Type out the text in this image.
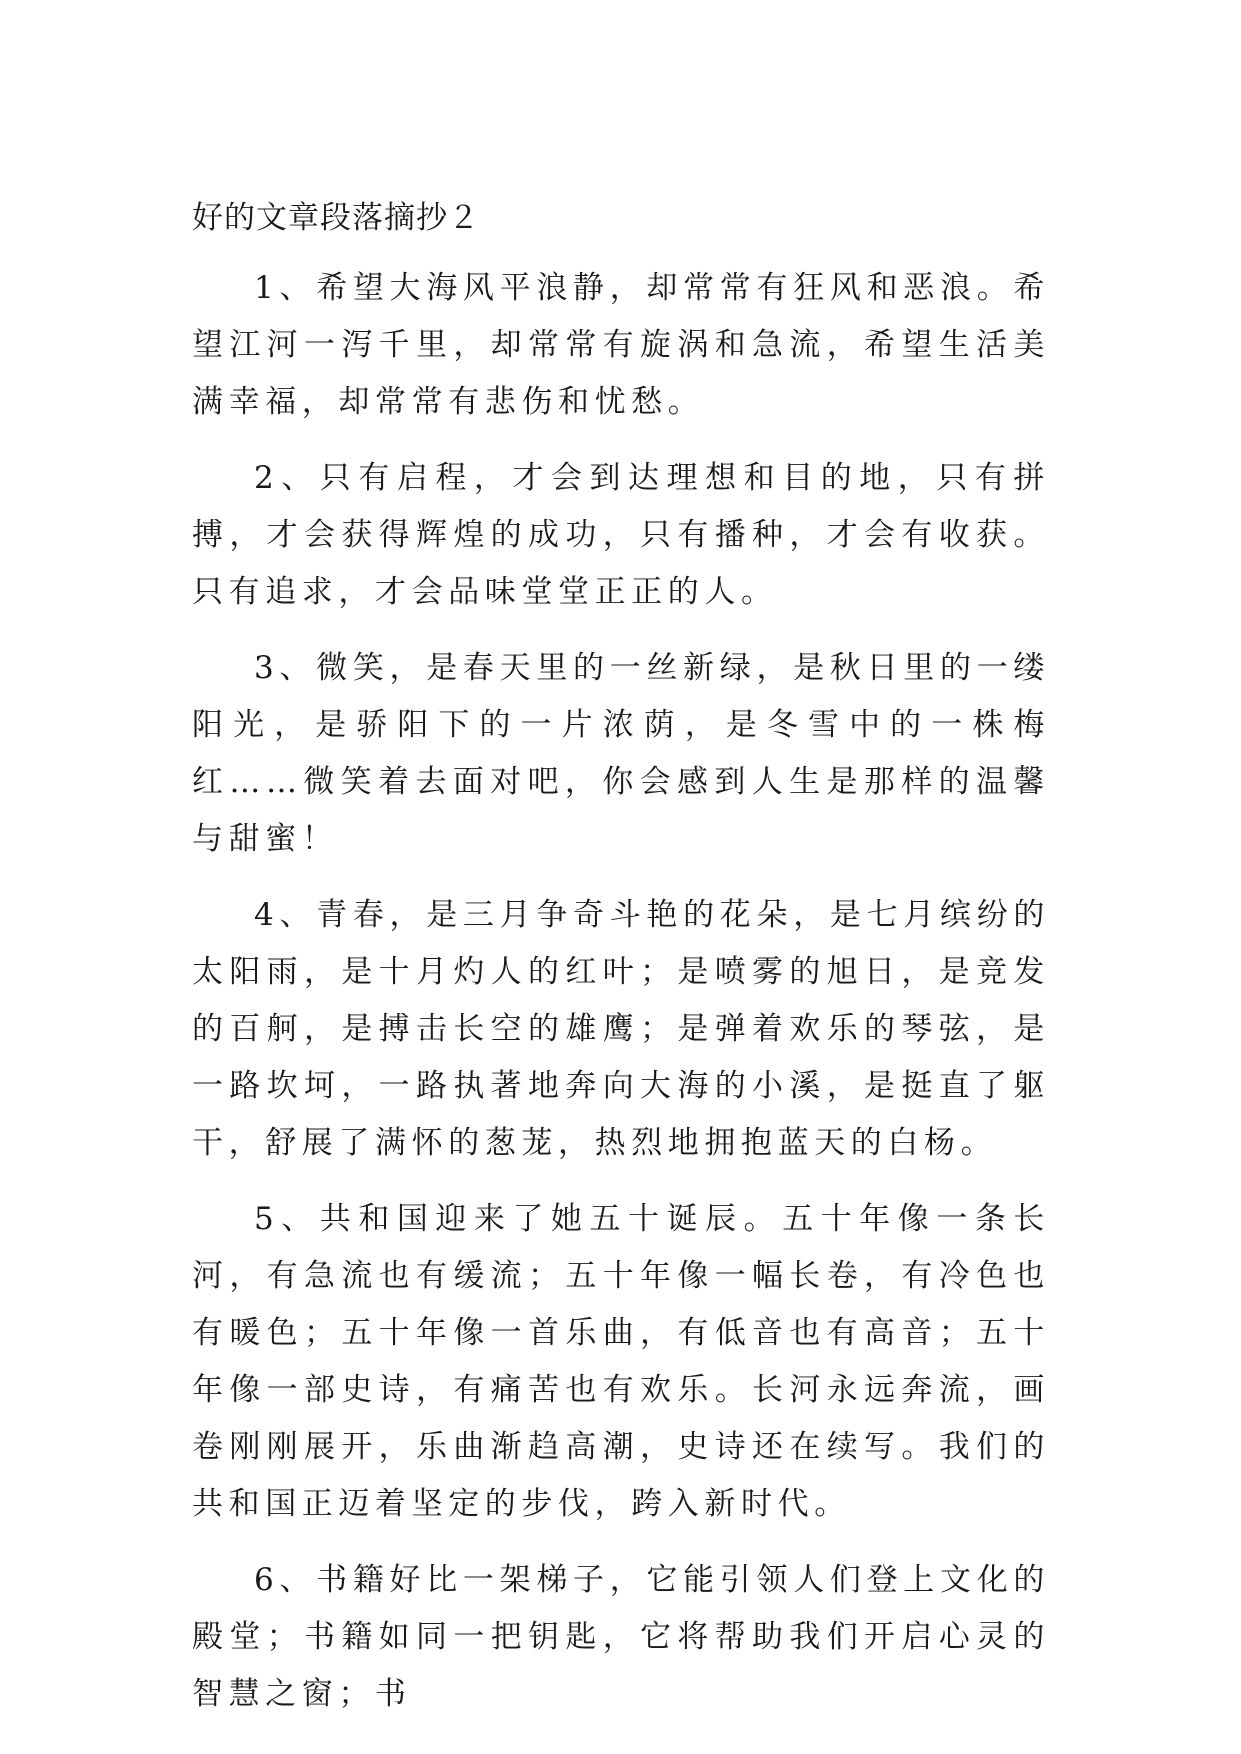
好的文章段落摘抄２

1、希望大海风平浪静，却常常有狂风和恶浪。希望江河一泻千里，却常常有旋涡和急流，希望生活美满幸福，却常常有悲伤和忧愁。

2、只有启程，才会到达理想和目的地，只有拼搏，才会获得辉煌的成功，只有播种，才会有收获。只有追求，才会品味堂堂正正的人。

3、微笑，是春天里的一丝新绿，是秋日里的一缕阳光，是骄阳下的一片浓荫，是冬雪中的一株梅红……微笑着去面对吧，你会感到人生是那样的温馨与甜蜜！

4、青春，是三月争奇斗艳的花朵，是七月缤纷的太阳雨，是十月灼人的红叶；是喷雾的旭日，是竞发的百舸，是搏击长空的雄鹰；是弹着欢乐的琴弦，是一路坎坷，一路执著地奔向大海的小溪，是挺直了躯干，舒展了满怀的葱茏，热烈地拥抱蓝天的白杨。

5、共和国迎来了她五十诞辰。五十年像一条长河，有急流也有缓流；五十年像一幅长卷，有冷色也有暖色；五十年像一首乐曲，有低音也有高音；五十年像一部史诗，有痛苦也有欢乐。长河永远奔流，画卷刚刚展开，乐曲渐趋高潮，史诗还在续写。我们的共和国正迈着坚定的步伐，跨入新时代。

6、书籍好比一架梯子，它能引领人们登上文化的殿堂；书籍如同一把钥匙，它将帮助我们开启心灵的智慧之窗；书
